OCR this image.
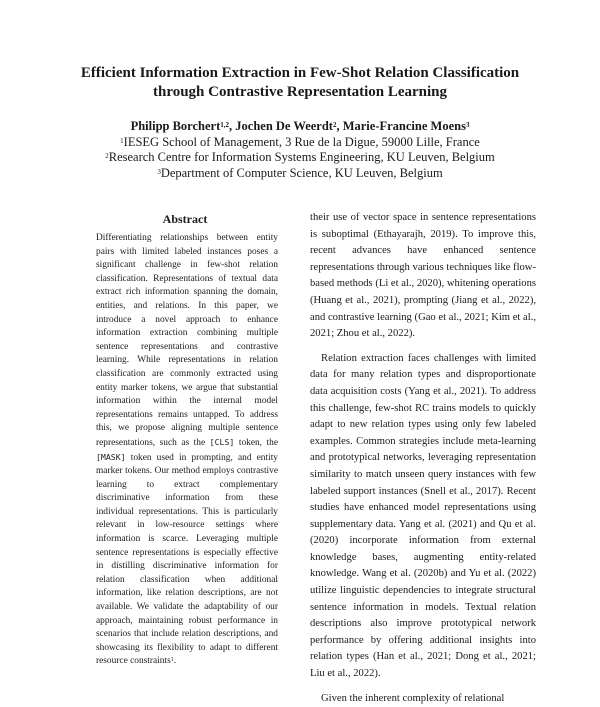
Efficient Information Extraction in Few-Shot Relation Classification
through Contrastive Representation Learning
Philipp Borchert$^{1,2}$, Jochen De Weerdt$^2$, Marie-Francine Moens$^3$
$^1$IESEG School of Management, 3 Rue de la Digue, 59000 Lille, France
$^2$Research Centre for Information Systems Engineering, KU Leuven, Belgium
$^3$Department of Computer Science, KU Leuven, Belgium
Abstract
Differentiating relationships between entity pairs with limited labeled instances poses a significant challenge in few-shot relation classification. Representations of textual data extract rich information spanning the domain, entities, and relations. In this paper, we introduce a novel approach to enhance information extraction combining multiple sentence representations and contrastive learning. While representations in relation classification are commonly extracted using entity marker tokens, we argue that substantial information within the internal model representations remains untapped. To address this, we propose aligning multiple sentence representations, such as the [CLS] token, the [MASK] token used in prompting, and entity marker tokens. Our method employs contrastive learning to extract complementary discriminative information from these individual representations. This is particularly relevant in low-resource settings where information is scarce. Leveraging multiple sentence representations is especially effective in distilling discriminative information for relation classification when additional information, like relation descriptions, are not available. We validate the adaptability of our approach, maintaining robust performance in scenarios that include relation descriptions, and showcasing its flexibility to adapt to different resource constraints$^1$.

their use of vector space in sentence representations is suboptimal (Ethayarajh, 2019). To improve this, recent advances have enhanced sentence representations through various techniques like flow-based methods (Li et al., 2020), whitening operations (Huang et al., 2021), prompting (Jiang et al., 2022), and contrastive learning (Gao et al., 2021; Kim et al., 2021; Zhou et al., 2022).

Relation extraction faces challenges with limited data for many relation types and disproportionate data acquisition costs (Yang et al., 2021). To address this challenge, few-shot RC trains models to quickly adapt to new relation types using only few labeled examples. Common strategies include meta-learning and prototypical networks, leveraging representation similarity to match unseen query instances with few labeled support instances (Snell et al., 2017). Recent studies have enhanced model representations using supplementary data. Yang et al. (2021) and Qu et al. (2020) incorporate information from external knowledge bases, augmenting entity-related knowledge. Wang et al. (2020b) and Yu et al. (2022) utilize linguistic dependencies to integrate structural sentence information in models. Textual relation descriptions also improve prototypical network performance by offering additional insights into relation types (Han et al., 2021; Dong et al., 2021; Liu et al., 2022).

Given the inherent complexity of relational
